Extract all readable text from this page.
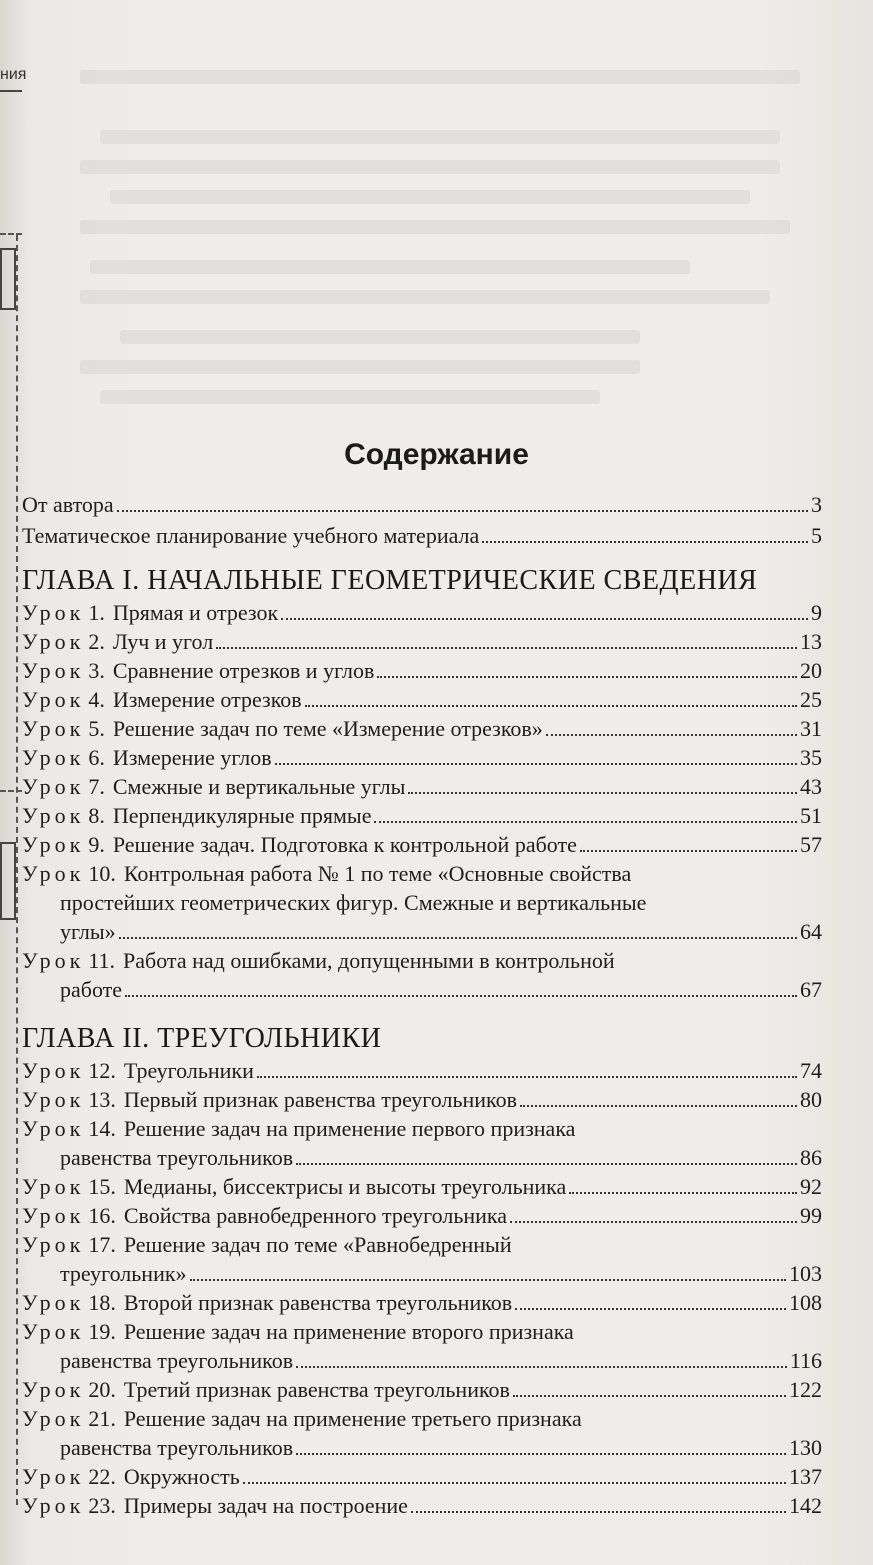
ния
Содержание
От автора	3
Тематическое планирование учебного материала	5
ГЛАВА I. НАЧАЛЬНЫЕ ГЕОМЕТРИЧЕСКИЕ СВЕДЕНИЯ
Урок 1. Прямая и отрезок	9
Урок 2. Луч и угол	13
Урок 3. Сравнение отрезков и углов	20
Урок 4. Измерение отрезков	25
Урок 5. Решение задач по теме «Измерение отрезков»	31
Урок 6. Измерение углов	35
Урок 7. Смежные и вертикальные углы	43
Урок 8. Перпендикулярные прямые	51
Урок 9. Решение задач. Подготовка к контрольной работе	57
Урок 10. Контрольная работа № 1 по теме «Основные свойства
простейших геометрических фигур. Смежные и вертикальные
углы»	64
Урок 11. Работа над ошибками, допущенными в контрольной
работе	67
ГЛАВА II. ТРЕУГОЛЬНИКИ
Урок 12. Треугольники	74
Урок 13. Первый признак равенства треугольников	80
Урок 14. Решение задач на применение первого признака
равенства треугольников	86
Урок 15. Медианы, биссектрисы и высоты треугольника	92
Урок 16. Свойства равнобедренного треугольника	99
Урок 17. Решение задач по теме «Равнобедренный
треугольник»	103
Урок 18. Второй признак равенства треугольников	108
Урок 19. Решение задач на применение второго признака
равенства треугольников	116
Урок 20. Третий признак равенства треугольников	122
Урок 21. Решение задач на применение третьего признака
равенства треугольников	130
Урок 22. Окружность	137
Урок 23. Примеры задач на построение	142
